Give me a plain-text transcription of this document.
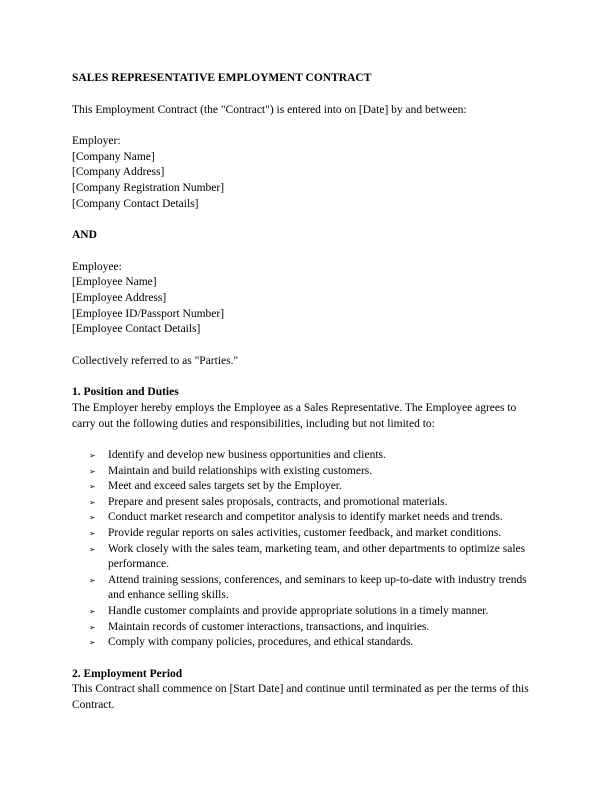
SALES REPRESENTATIVE EMPLOYMENT CONTRACT

This Employment Contract (the "Contract") is entered into on [Date] by and between:

Employer:
[Company Name]
[Company Address]
[Company Registration Number]
[Company Contact Details]

AND

Employee:
[Employee Name]
[Employee Address]
[Employee ID/Passport Number]
[Employee Contact Details]

Collectively referred to as "Parties."

1. Position and Duties

The Employer hereby employs the Employee as a Sales Representative. The Employee agrees to carry out the following duties and responsibilities, including but not limited to:

➢ Identify and develop new business opportunities and clients.
➢ Maintain and build relationships with existing customers.
➢ Meet and exceed sales targets set by the Employer.
➢ Prepare and present sales proposals, contracts, and promotional materials.
➢ Conduct market research and competitor analysis to identify market needs and trends.
➢ Provide regular reports on sales activities, customer feedback, and market conditions.
➢ Work closely with the sales team, marketing team, and other departments to optimize sales performance.
➢ Attend training sessions, conferences, and seminars to keep up-to-date with industry trends and enhance selling skills.
➢ Handle customer complaints and provide appropriate solutions in a timely manner.
➢ Maintain records of customer interactions, transactions, and inquiries.
➢ Comply with company policies, procedures, and ethical standards.

2. Employment Period

This Contract shall commence on [Start Date] and continue until terminated as per the terms of this Contract.
